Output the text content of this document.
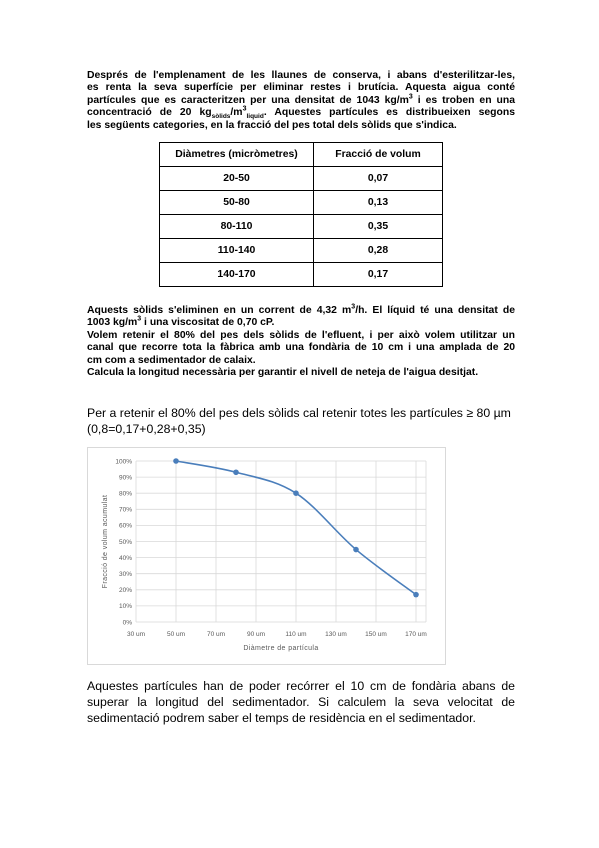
Després de l'emplenament de les llaunes de conserva, i abans d'esterilitzar-les,
es renta la seva superfície per eliminar restes i brutícia. Aquesta aigua conté
partícules que es caracteritzen per una densitat de 1043 $kg/m^3$ i es troben en una
concentració de 20 $kg_{sòlids}/m^3_{liquid}$. Aquestes partícules es distribueixen segons
les següents categories, en la fracció del pes total dels sòlids que s'indica.
Diàmetres (micròmetres)	Fracció de volum
20-50	0,07
50-80	0,13
80-110	0,35
110-140	0,28
140-170	0,17
Aquests sòlids s'eliminen en un corrent de 4,32 $m^3/h$. El líquid té una densitat de
1003 $kg/m^3$ i una viscositat de 0,70 cP.
Volem retenir el 80% del pes dels sòlids de l'efluent, i per això volem utilitzar un
canal que recorre tota la fàbrica amb una fondària de 10 cm i una amplada de 20
cm com a sedimentador de calaix.
Calcula la longitud necessària per garantir el nivell de neteja de l'aigua desitjat.
Per a retenir el 80% del pes dels sòlids cal retenir totes les partícules ≥ 80 µm
(0,8=0,17+0,28+0,35)
0%
10%
20%
30%
40%
50%
60%
70%
80%
90%
100%
30 um	50 um	70 um	90 um	110 um	130 um	150 um	170 um
Diàmetre de partícula
Fracció de volum acumulat
Aquestes partícules han de poder recórrer el 10 cm de fondària abans de
superar la longitud del sedimentador. Si calculem la seva velocitat de
sedimentació podrem saber el temps de residència en el sedimentador.
